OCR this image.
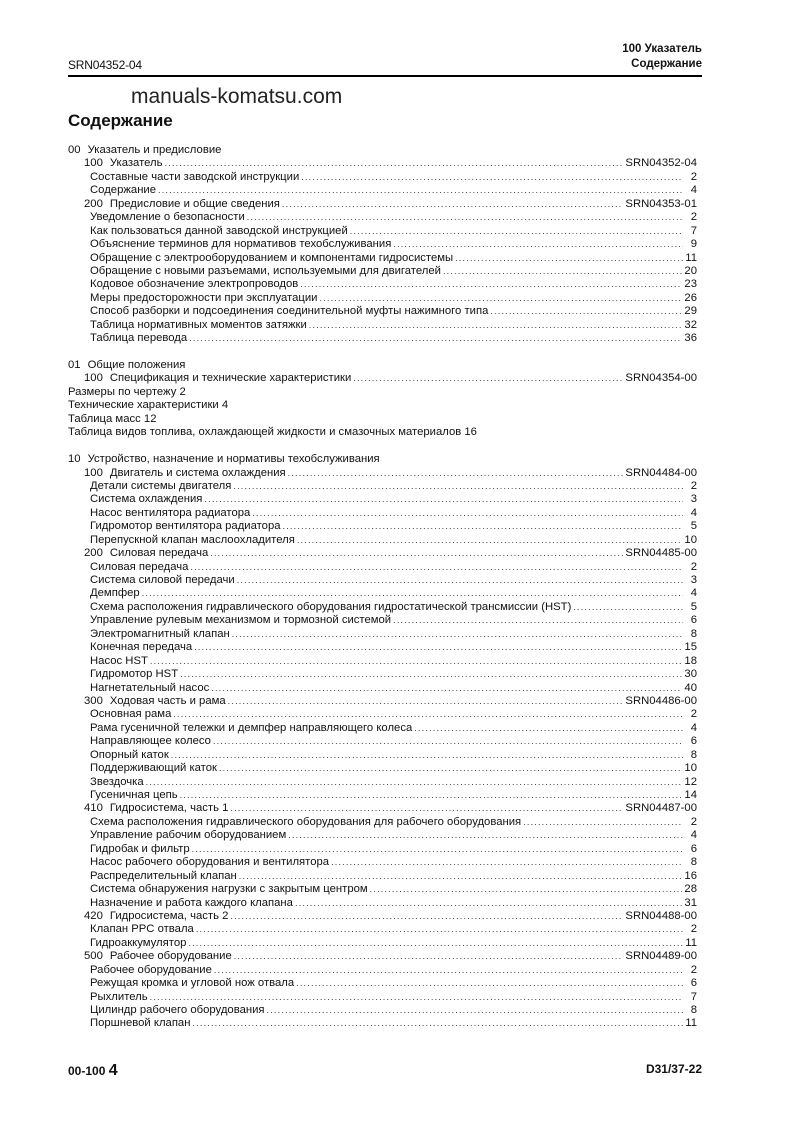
SRN04352-04
100 Указатель
Содержание
manuals-komatsu.com
Содержание
00 Указатель и предисловие
100 Указатель .....	SRN04352-04
Составные части заводской инструкции .....	2
Содержание .....	4
200 Предисловие и общие сведения .....	SRN04353-01
Уведомление о безопасности .....	2
Как пользоваться данной заводской инструкцией .....	7
Объяснение терминов для нормативов техобслуживания .....	9
Обращение с электрооборудованием и компонентами гидросистемы .....	11
Обращение с новыми разъемами, используемыми для двигателей .....	20
Кодовое обозначение электропроводов .....	23
Меры предосторожности при эксплуатации .....	26
Способ разборки и подсоединения соединительной муфты нажимного типа .....	29
Таблица нормативных моментов затяжки .....	32
Таблица перевода .....	36
01 Общие положения
100 Спецификация и технические характеристики .....	SRN04354-00
Размеры по чертежу 2
Технические характеристики 4
Таблица масс 12
Таблица видов топлива, охлаждающей жидкости и смазочных материалов 16
10 Устройство, назначение и нормативы техобслуживания
100 Двигатель и система охлаждения .....	SRN04484-00
Детали системы двигателя .....	2
Система охлаждения .....	3
Насос вентилятора радиатора .....	4
Гидромотор вентилятора радиатора .....	5
Перепускной клапан маслоохладителя .....	10
200 Силовая передача .....	SRN04485-00
Силовая передача .....	2
Система силовой передачи .....	3
Демпфер .....	4
Схема расположения гидравлического оборудования гидростатической трансмиссии (HST) .....	5
Управление рулевым механизмом и тормозной системой .....	6
Электромагнитный клапан .....	8
Конечная передача .....	15
Насос HST .....	18
Гидромотор HST .....	30
Нагнетательный насос .....	40
300 Ходовая часть и рама .....	SRN04486-00
Основная рама .....	2
Рама гусеничной тележки и демпфер направляющего колеса .....	4
Направляющее колесо .....	6
Опорный каток .....	8
Поддерживающий каток .....	10
Звездочка .....	12
Гусеничная цепь .....	14
410 Гидросистема, часть 1 .....	SRN04487-00
Схема расположения гидравлического оборудования для рабочего оборудования .....	2
Управление рабочим оборудованием .....	4
Гидробак и фильтр .....	6
Насос рабочего оборудования и вентилятора .....	8
Распределительный клапан .....	16
Система обнаружения нагрузки с закрытым центром .....	28
Назначение и работа каждого клапана .....	31
420 Гидросистема, часть 2 .....	SRN04488-00
Клапан PPC отвала .....	2
Гидроаккумулятор .....	11
500 Рабочее оборудование .....	SRN04489-00
Рабочее оборудование .....	2
Режущая кромка и угловой нож отвала .....	6
Рыхлитель .....	7
Цилиндр рабочего оборудования .....	8
Поршневой клапан .....	11
00-100 4	D31/37-22
